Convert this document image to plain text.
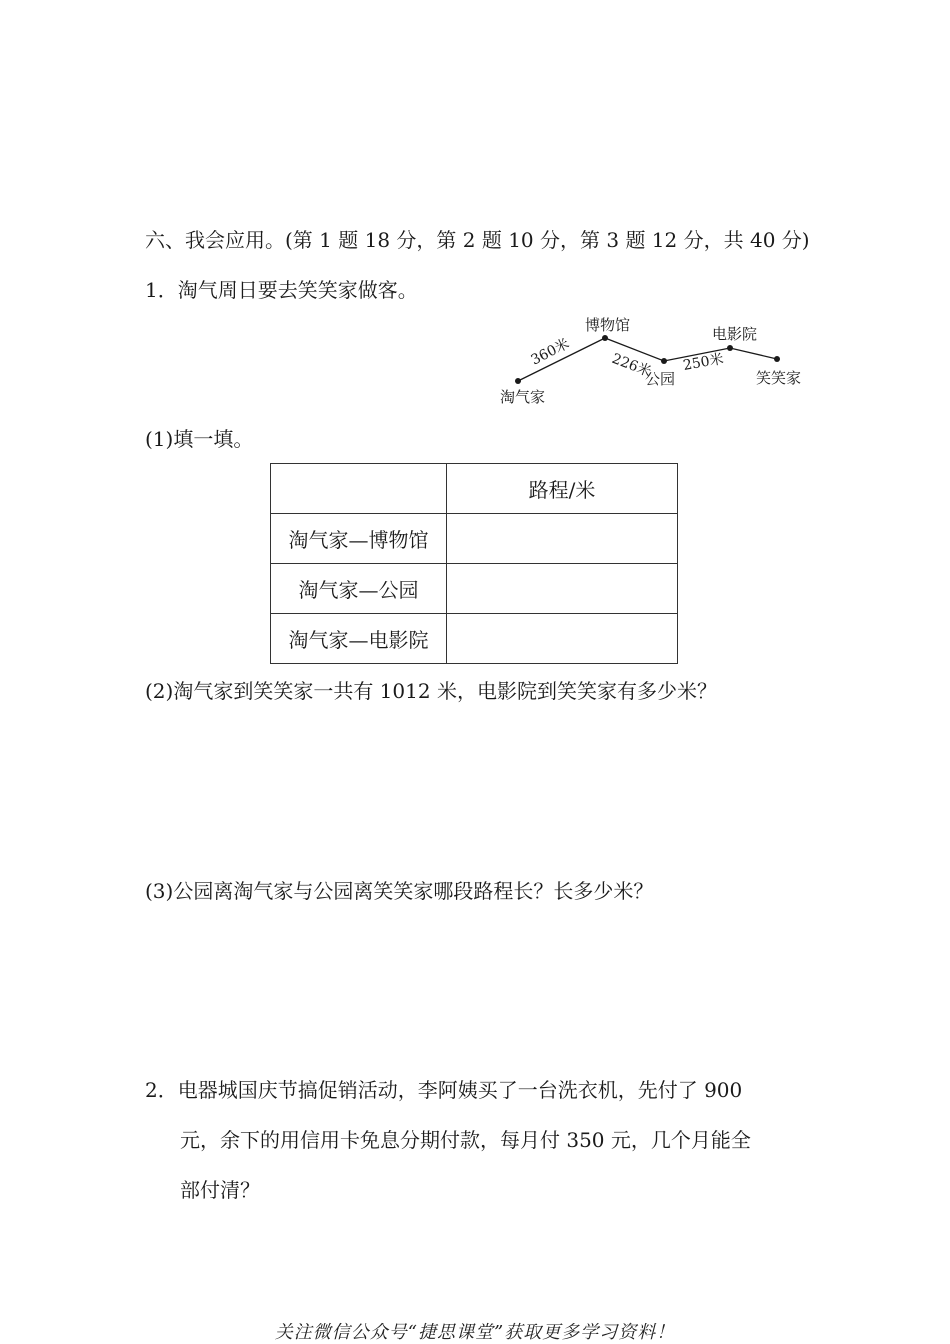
六、我会应用。(第 1 题 18 分，第 2 题 10 分，第 3 题 12 分，共 40 分)
1．淘气周日要去笑笑家做客。
淘气家
博物馆
公园
电影院
笑笑家
360米	226米 250米
(1)填一填。
	路程/米
淘气家—博物馆	
淘气家—公园	
淘气家—电影院	
(2)淘气家到笑笑家一共有 1012 米，电影院到笑笑家有多少米？
(3)公园离淘气家与公园离笑笑家哪段路程长？长多少米？
2．电器城国庆节搞促销活动，李阿姨买了一台洗衣机，先付了 900
元，余下的用信用卡免息分期付款，每月付 350 元，几个月能全
部付清？
关注微信公众号“捷思课堂”获取更多学习资料！
